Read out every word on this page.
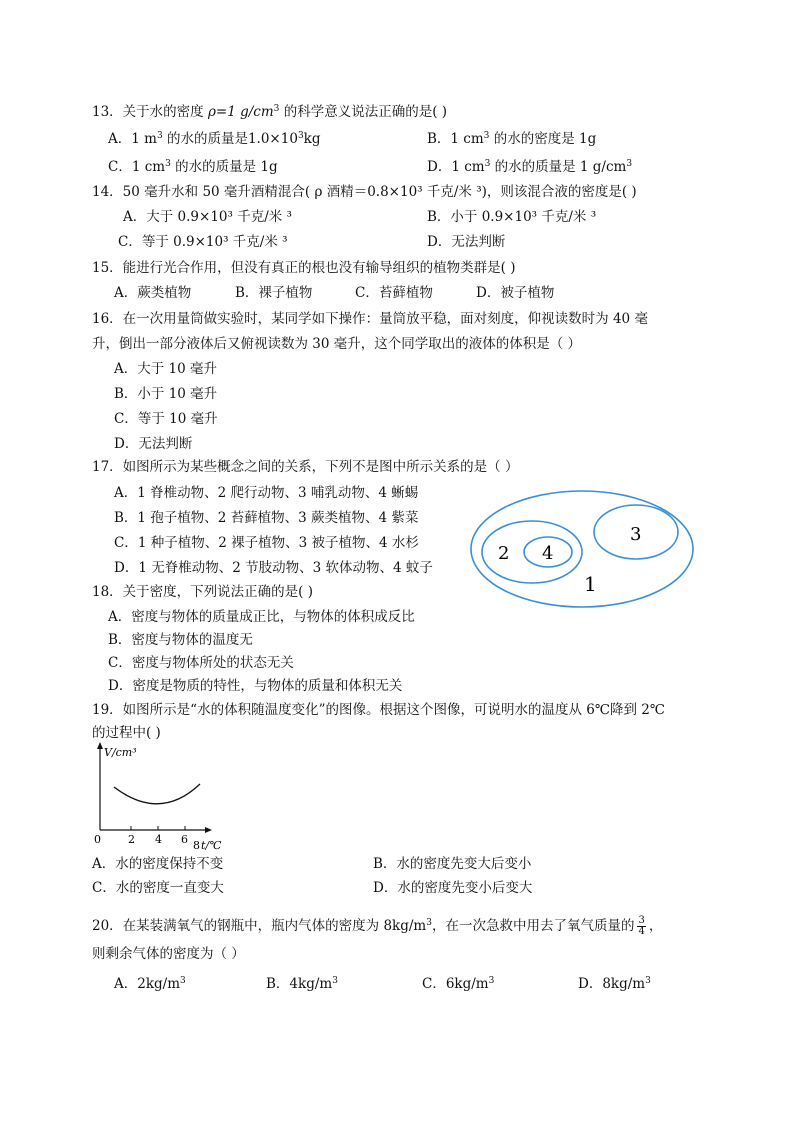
13．关于水的密度 ρ=1 $g/cm^3$ 的科学意义说法正确的是( )
A．1 $m^3$ 的水的质量是$1.0\times 10^3kg$	B．1 $cm^3$ 的水的密度是 1g
C．1 $cm^3$ 的水的质量是 1g	D．1 $cm^3$ 的水的质量是 1 $g/cm^3$
14．50 毫升水和 50 毫升酒精混合( ρ 酒精＝0.8×10³ 千克/米 ³)，则该混合液的密度是( )
A．大于 0.9×10³ 千克/米 ³	B．小于 0.9×10³ 千克/米 ³
C．等于 0.9×10³ 千克/米 ³	D．无法判断
15．能进行光合作用，但没有真正的根也没有输导组织的植物类群是( )
A．蕨类植物	B．裸子植物	C．苔藓植物	D．被子植物
16．在一次用量筒做实验时，某同学如下操作：量筒放平稳，面对刻度，仰视读数时为 40 毫
升，倒出一部分液体后又俯视读数为 30 毫升，这个同学取出的液体的体积是（ ）
A．大于 10 毫升
B．小于 10 毫升
C．等于 10 毫升
D．无法判断
17．如图所示为某些概念之间的关系，下列不是图中所示关系的是（ ）
A．1 脊椎动物、2 爬行动物、3 哺乳动物、4 蜥蜴
B．1 孢子植物、2 苔藓植物、3 蕨类植物、4 紫菜
C．1 种子植物、2 裸子植物、3 被子植物、4 水杉
D．1 无脊椎动物、2 节肢动物、3 软体动物、4 蚊子
1
2 4
3
18．关于密度，下列说法正确的是( )
A．密度与物体的质量成正比，与物体的体积成反比
B．密度与物体的温度无
C．密度与物体所处的状态无关
D．密度是物质的特性，与物体的质量和体积无关
19．如图所示是“水的体积随温度变化”的图像。根据这个图像，可说明水的温度从 6℃降到 2℃
的过程中( )
V/cm³
0 2 4 6 8 t/℃
A．水的密度保持不变	B．水的密度先变大后变小
C．水的密度一直变大	D．水的密度先变小后变大
20．在某装满氧气的钢瓶中，瓶内气体的密度为 $8kg/m^3$，在一次急救中用去了氧气质量的 $\frac{3}{4}$ ，
则剩余气体的密度为（ ）
A．$2kg/m^3$	B．$4kg/m^3$	C．$6kg/m^3$	D．$8kg/m^3$
